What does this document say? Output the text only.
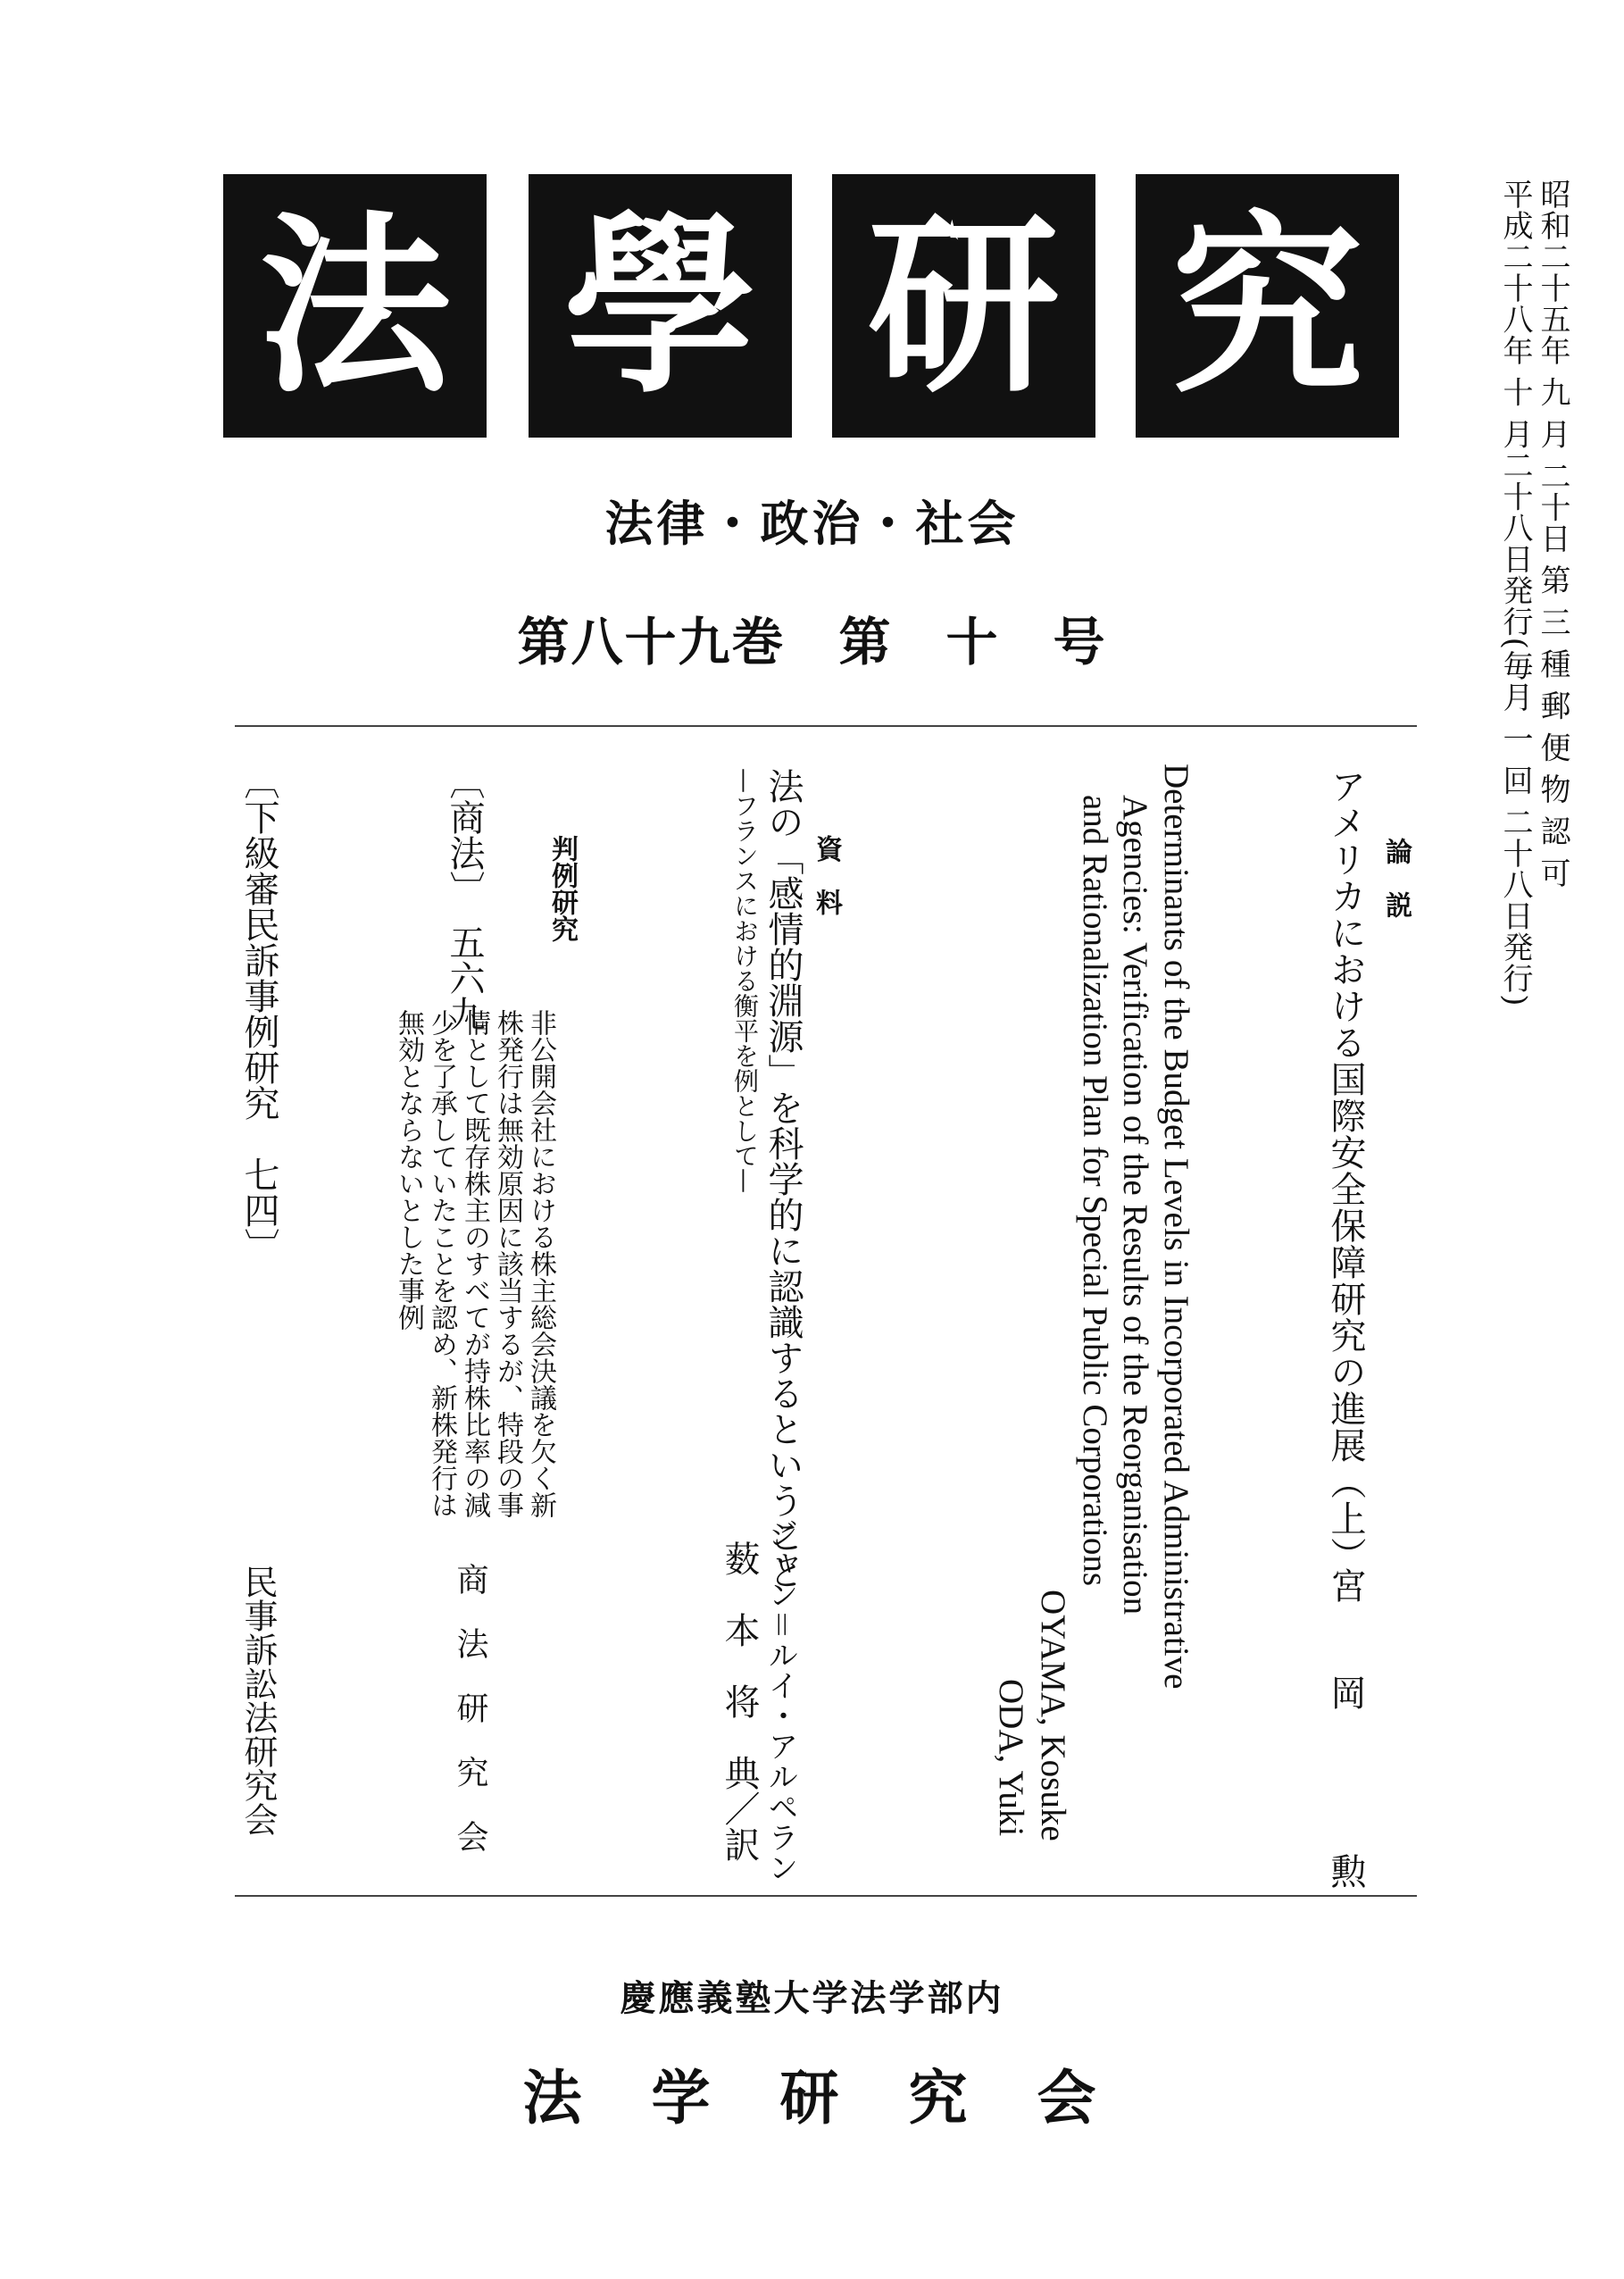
法 學 研 究	昭和二十五年 九 月 二十日 第 三 種 郵 便 物 認 可
平成二十八年 十 月二十八日発行(毎月 一 回 二十八日発行)
法律・政治・社会
第八十九巻　第　十　号
論　説
アメリカにおける国際安全保障研究の進展（上）
宮　　岡　　　　勲
Determinants of the Budget Levels in Incorporated Administrative
Agencies: Verification of the Results of the Reorganisation
and Rationalization Plan for Special Public Corporations
OYAMA, Kosuke
ODA, Yuki
資　料
法の「感情的淵源」を科学的に認識するということ
—フランスにおける衡平を例として—
ジャン＝ルイ・アルペラン
薮　本　将　典／訳
判例研究
〔商法〕　五六九
非公開会社における株主総会決議を欠く新
株発行は無効原因に該当するが、特段の事
情として既存株主のすべてが持株比率の減
少を了承していたことを認め、新株発行は
無効とならないとした事例
商　法　研　究　会
〔下級審民訴事例研究　七四〕
民事訴訟法研究会
慶應義塾大学法学部内
法　学　研　究　会
